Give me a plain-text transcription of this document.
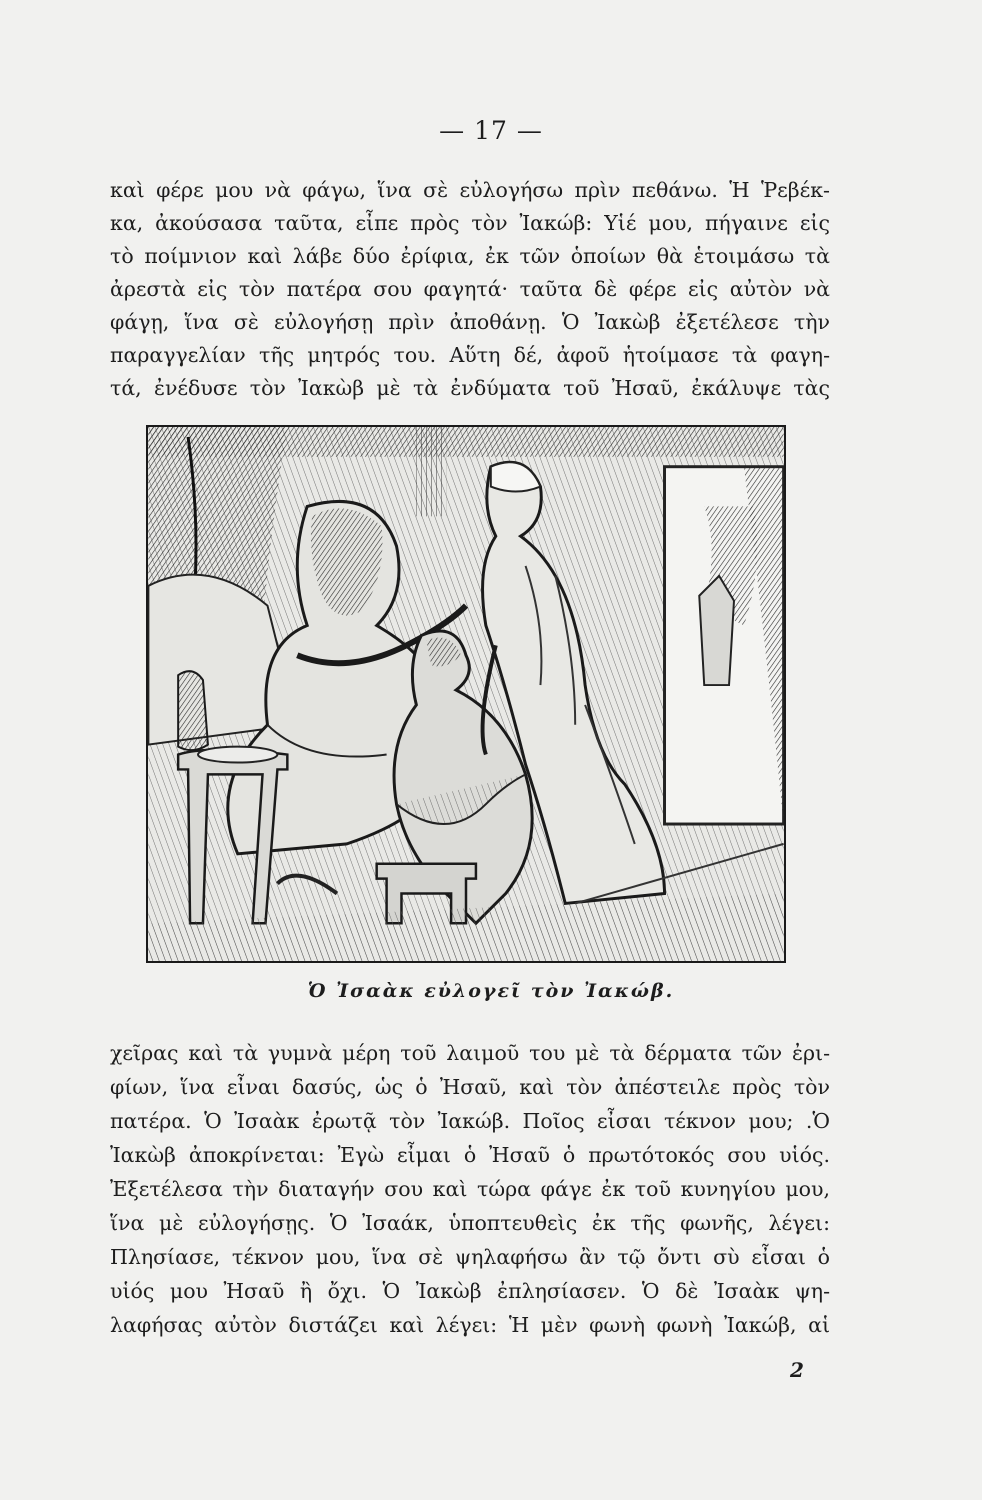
— 17 —
καὶ φέρε μου νὰ φάγω, ἵνα σὲ εὐλογήσω πρὶν πεθάνω. Ἡ Ῥεβέκ-
κα, ἀκούσασα ταῦτα, εἶπε πρὸς τὸν Ἰακώβ: Υἱέ μου, πήγαινε εἰς
τὸ ποίμνιον καὶ λάβε δύο ἐρίφια, ἐκ τῶν ὁποίων θὰ ἑτοιμάσω τὰ
ἀρεστὰ εἰς τὸν πατέρα σου φαγητά· ταῦτα δὲ φέρε εἰς αὐτὸν νὰ
φάγῃ, ἵνα σὲ εὐλογήσῃ πρὶν ἀποθάνῃ. Ὁ Ἰακὼβ ἐξετέλεσε τὴν
παραγγελίαν τῆς μητρός του. Αὕτη δέ, ἀφοῦ ἡτοίμασε τὰ φαγη-
τά, ἐνέδυσε τὸν Ἰακὼβ μὲ τὰ ἐνδύματα τοῦ Ἠσαῦ, ἐκάλυψε τὰς
Ὁ Ἰσαὰκ εὐλογεῖ τὸν Ἰακώβ.
χεῖρας καὶ τὰ γυμνὰ μέρη τοῦ λαιμοῦ του μὲ τὰ δέρματα τῶν ἐρι-
φίων, ἵνα εἶναι δασύς, ὡς ὁ Ἠσαῦ, καὶ τὸν ἀπέστειλε πρὸς τὸν
πατέρα. Ὁ Ἰσαὰκ ἐρωτᾷ τὸν Ἰακώβ. Ποῖος εἶσαι τέκνον μου; .Ὁ
Ἰακὼβ ἀποκρίνεται: Ἐγὼ εἶμαι ὁ Ἠσαῦ ὁ πρωτότοκός σου υἱός.
Ἐξετέλεσα τὴν διαταγήν σου καὶ τώρα φάγε ἐκ τοῦ κυνηγίου μου,
ἵνα μὲ εὐλογήσῃς. Ὁ Ἰσαάκ, ὑποπτευθεὶς ἐκ τῆς φωνῆς, λέγει:
Πλησίασε, τέκνον μου, ἵνα σὲ ψηλαφήσω ἂν τῷ ὄντι σὺ εἶσαι ὁ
υἱός μου Ἠσαῦ ἢ ὄχι. Ὁ Ἰακὼβ ἐπλησίασεν. Ὁ δὲ Ἰσαὰκ ψη-
λαφήσας αὐτὸν διστάζει καὶ λέγει: Ἡ μὲν φωνὴ φωνὴ Ἰακώβ, αἱ
2
